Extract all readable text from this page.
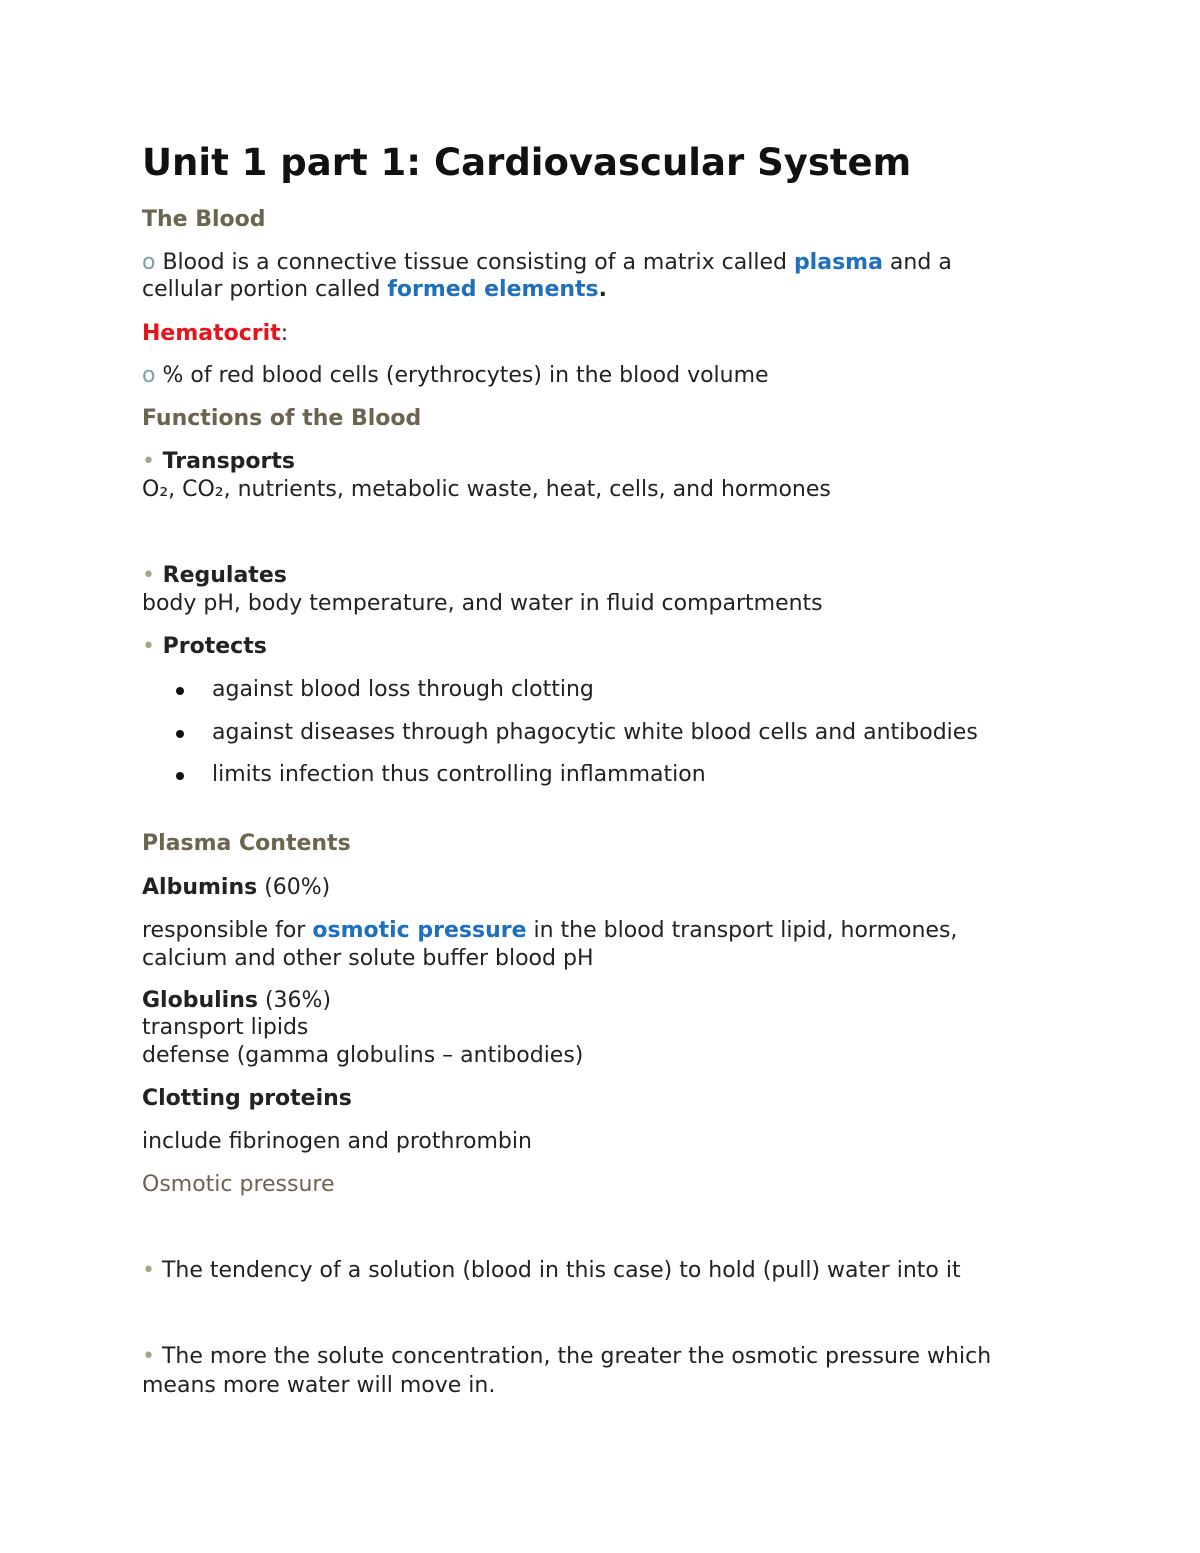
Unit 1 part 1: Cardiovascular System
The Blood
o Blood is a connective tissue consisting of a matrix called plasma and a
cellular portion called formed elements.
Hematocrit:
o % of red blood cells (erythrocytes) in the blood volume
Functions of the Blood
• Transports
O₂, CO₂, nutrients, metabolic waste, heat, cells, and hormones
• Regulates
body pH, body temperature, and water in fluid compartments
• Protects
against blood loss through clotting
against diseases through phagocytic white blood cells and antibodies
limits infection thus controlling inflammation
Plasma Contents
Albumins (60%)
responsible for osmotic pressure in the blood transport lipid, hormones,
calcium and other solute buffer blood pH
Globulins (36%)
transport lipids
defense (gamma globulins – antibodies)
Clotting proteins
include fibrinogen and prothrombin
Osmotic pressure
• The tendency of a solution (blood in this case) to hold (pull) water into it
• The more the solute concentration, the greater the osmotic pressure which
means more water will move in.
